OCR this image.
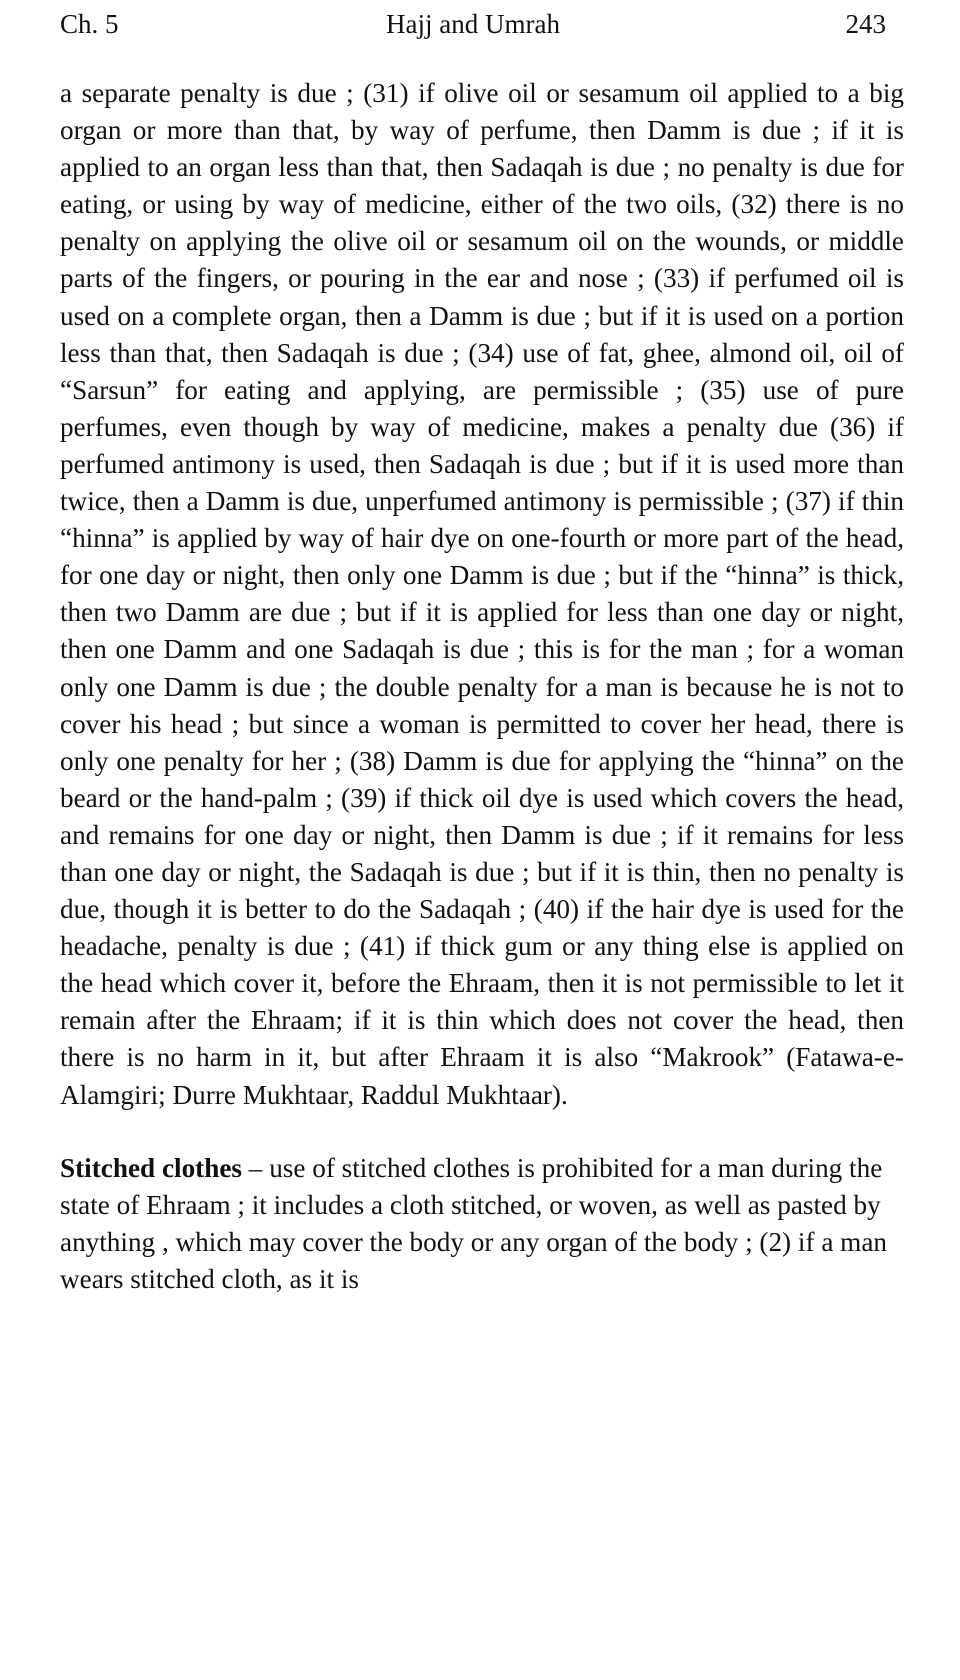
Ch. 5	Hajj and Umrah	243

a separate penalty is due ; (31) if olive oil or sesamum oil applied to a big organ or more than that, by way of perfume, then Damm is due ; if it is applied to an organ less than that, then Sadaqah is due ; no penalty is due for eating, or using by way of medicine, either of the two oils, (32) there is no penalty on applying the olive oil or sesamum oil on the wounds, or middle parts of the fingers, or pouring in the ear and nose ; (33) if perfumed oil is used on a complete organ, then a Damm is due ; but if it is used on a portion less than that, then Sadaqah is due ; (34) use of fat, ghee, almond oil, oil of “Sarsun” for eating and applying, are permissible ; (35) use of pure perfumes, even though by way of medicine, makes a penalty due (36) if perfumed antimony is used, then Sadaqah is due ; but if it is used more than twice, then a Damm is due, unperfumed antimony is permissible ; (37) if thin “hinna” is applied by way of hair dye on one-fourth or more part of the head, for one day or night, then only one Damm is due ; but if the “hinna” is thick, then two Damm are due ; but if it is applied for less than one day or night, then one Damm and one Sadaqah is due ; this is for the man ; for a woman only one Damm is due ; the double penalty for a man is because he is not to cover his head ; but since a woman is permitted to cover her head, there is only one penalty for her ; (38) Damm is due for applying the “hinna” on the beard or the hand-palm ; (39) if thick oil dye is used which covers the head, and remains for one day or night, then Damm is due ; if it remains for less than one day or night, the Sadaqah is due ; but if it is thin, then no penalty is due, though it is better to do the Sadaqah ; (40) if the hair dye is used for the headache, penalty is due ; (41) if thick gum or any thing else is applied on the head which cover it, before the Ehraam, then it is not permissible to let it remain after the Ehraam; if it is thin which does not cover the head, then there is no harm in it, but after Ehraam it is also “Makrook” (Fatawa-e-Alamgiri; Durre Mukhtaar, Raddul Mukhtaar).

Stitched clothes – use of stitched clothes is prohibited for a man during the state of Ehraam ; it includes a cloth stitched, or woven, as well as pasted by anything , which may cover the body or any organ of the body ; (2) if a man wears stitched cloth, as it is
